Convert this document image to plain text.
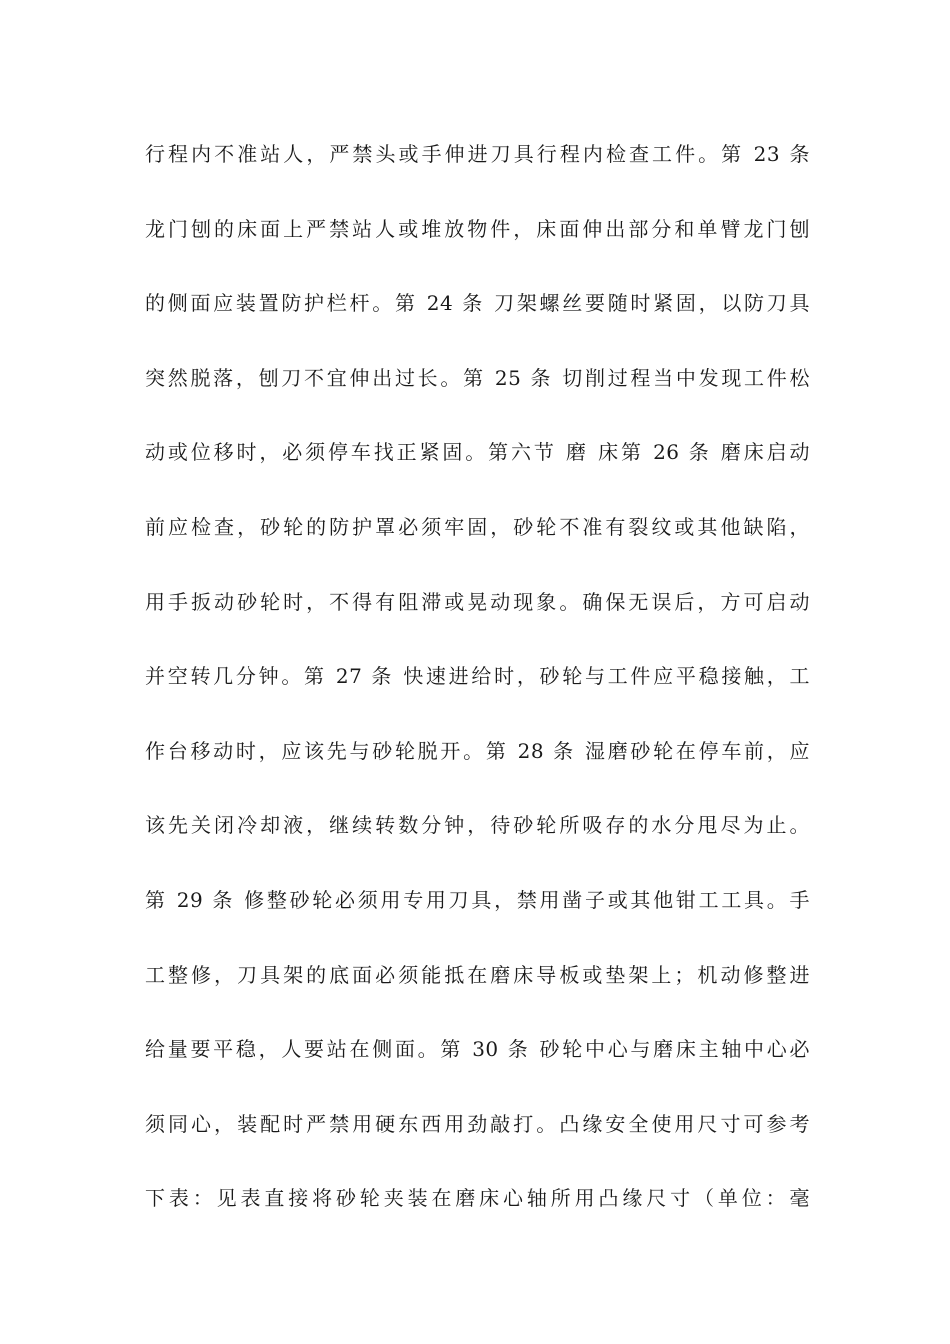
行程内不准站人，严禁头或手伸进刀具行程内检查工件。第 23 条
龙门刨的床面上严禁站人或堆放物件，床面伸出部分和单臂龙门刨
的侧面应装置防护栏杆。第 24 条 刀架螺丝要随时紧固，以防刀具
突然脱落，刨刀不宜伸出过长。第 25 条 切削过程当中发现工件松
动或位移时，必须停车找正紧固。第六节 磨 床第 26 条 磨床启动
前应检查，砂轮的防护罩必须牢固，砂轮不准有裂纹或其他缺陷，
用手扳动砂轮时，不得有阻滞或晃动现象。确保无误后，方可启动
并空转几分钟。第 27 条 快速进给时，砂轮与工件应平稳接触，工
作台移动时，应该先与砂轮脱开。第 28 条 湿磨砂轮在停车前，应
该先关闭冷却液，继续转数分钟，待砂轮所吸存的水分甩尽为止。
第 29 条 修整砂轮必须用专用刀具，禁用凿子或其他钳工工具。手
工整修，刀具架的底面必须能抵在磨床导板或垫架上；机动修整进
给量要平稳，人要站在侧面。第 30 条 砂轮中心与磨床主轴中心必
须同心，装配时严禁用硬东西用劲敲打。凸缘安全使用尺寸可参考
下表：见表直接将砂轮夹装在磨床心轴所用凸缘尺寸（单位：毫
